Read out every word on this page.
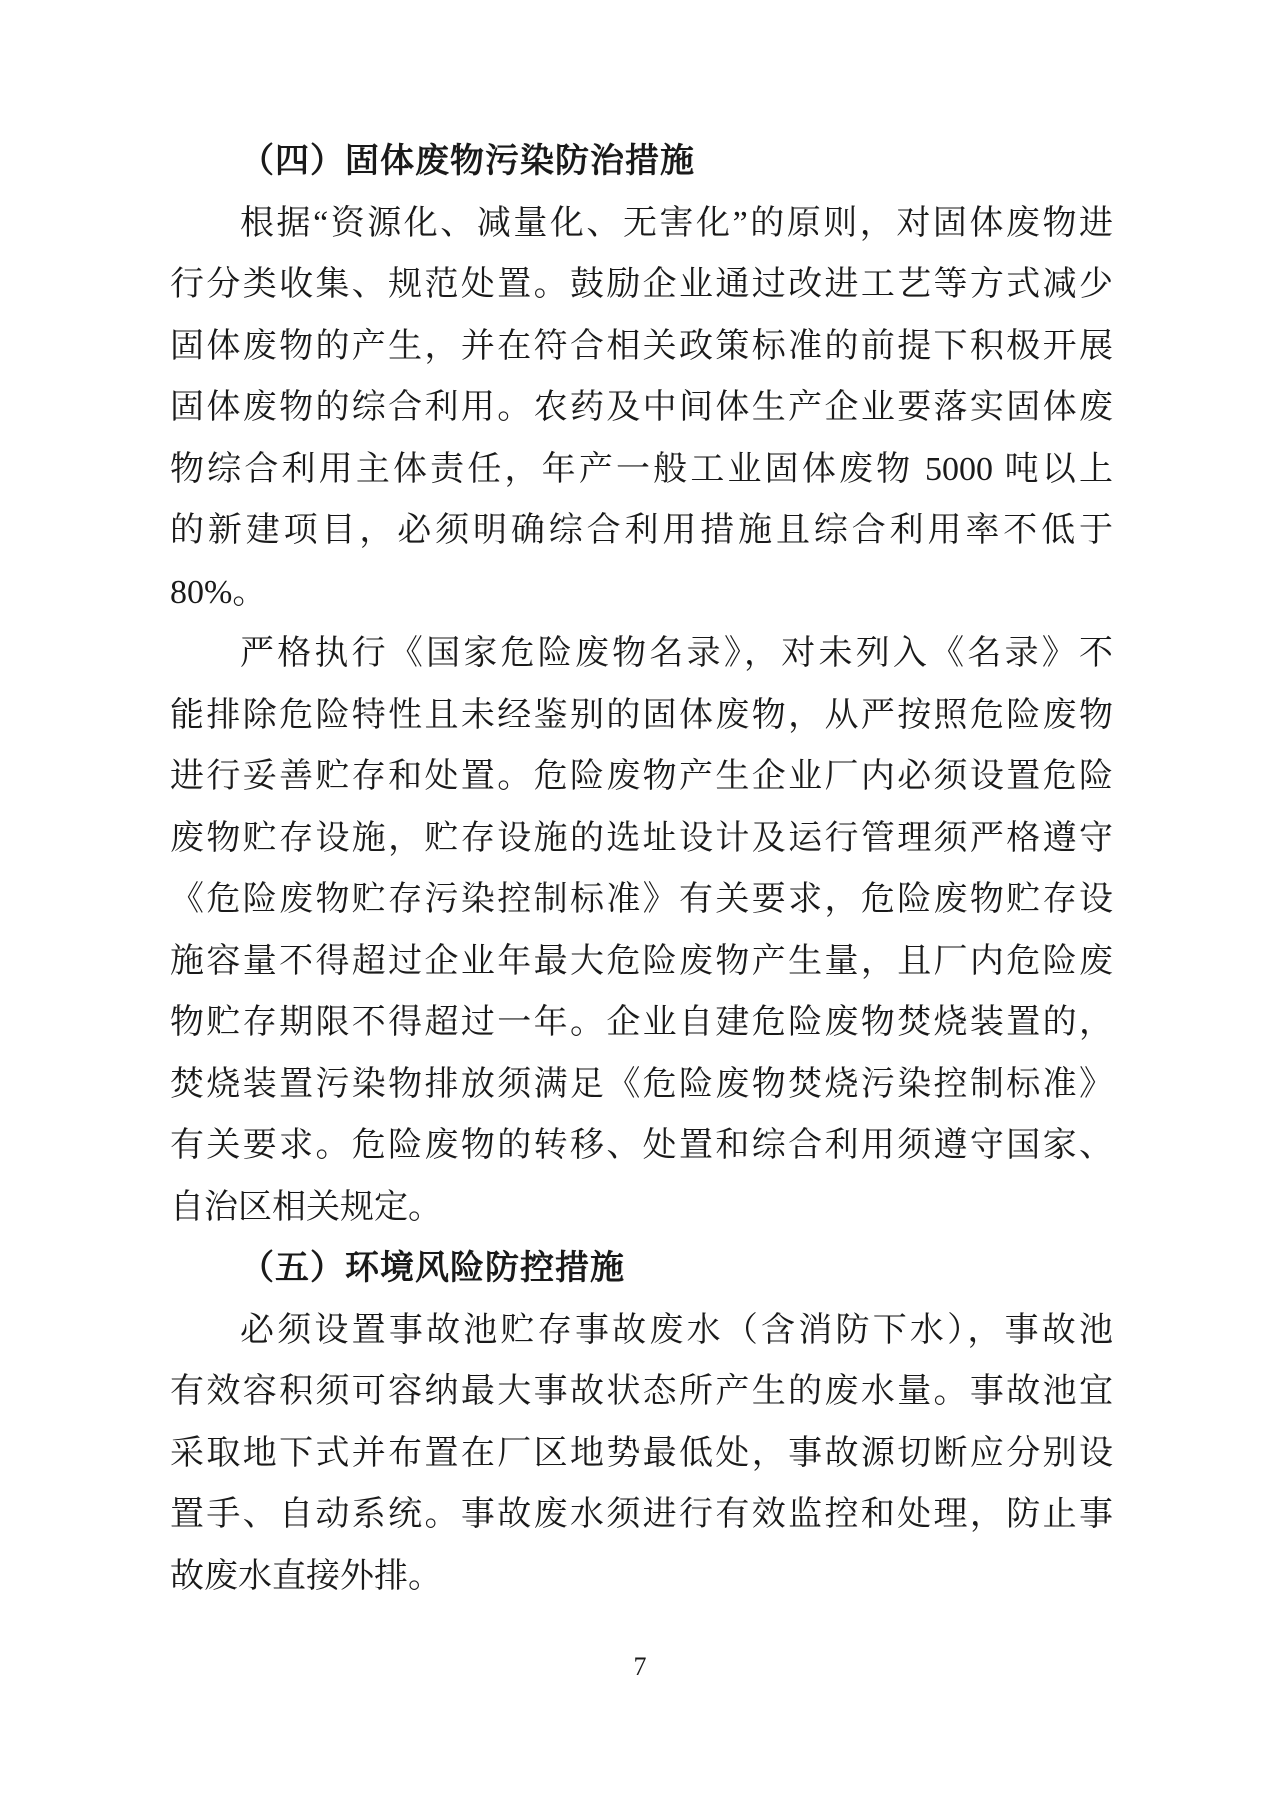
（四）固体废物污染防治措施
根据“资源化、减量化、无害化”的原则，对固体废物进
行分类收集、规范处置。鼓励企业通过改进工艺等方式减少
固体废物的产生，并在符合相关政策标准的前提下积极开展
固体废物的综合利用。农药及中间体生产企业要落实固体废
物综合利用主体责任，年产一般工业固体废物 5000 吨以上
的新建项目，必须明确综合利用措施且综合利用率不低于
80%。
严格执行《国家危险废物名录》，对未列入《名录》不
能排除危险特性且未经鉴别的固体废物，从严按照危险废物
进行妥善贮存和处置。危险废物产生企业厂内必须设置危险
废物贮存设施，贮存设施的选址设计及运行管理须严格遵守
《危险废物贮存污染控制标准》有关要求，危险废物贮存设
施容量不得超过企业年最大危险废物产生量，且厂内危险废
物贮存期限不得超过一年。企业自建危险废物焚烧装置的，
焚烧装置污染物排放须满足《危险废物焚烧污染控制标准》
有关要求。危险废物的转移、处置和综合利用须遵守国家、
自治区相关规定。
（五）环境风险防控措施
必须设置事故池贮存事故废水（含消防下水），事故池
有效容积须可容纳最大事故状态所产生的废水量。事故池宜
采取地下式并布置在厂区地势最低处，事故源切断应分别设
置手、自动系统。事故废水须进行有效监控和处理，防止事
故废水直接外排。
7
